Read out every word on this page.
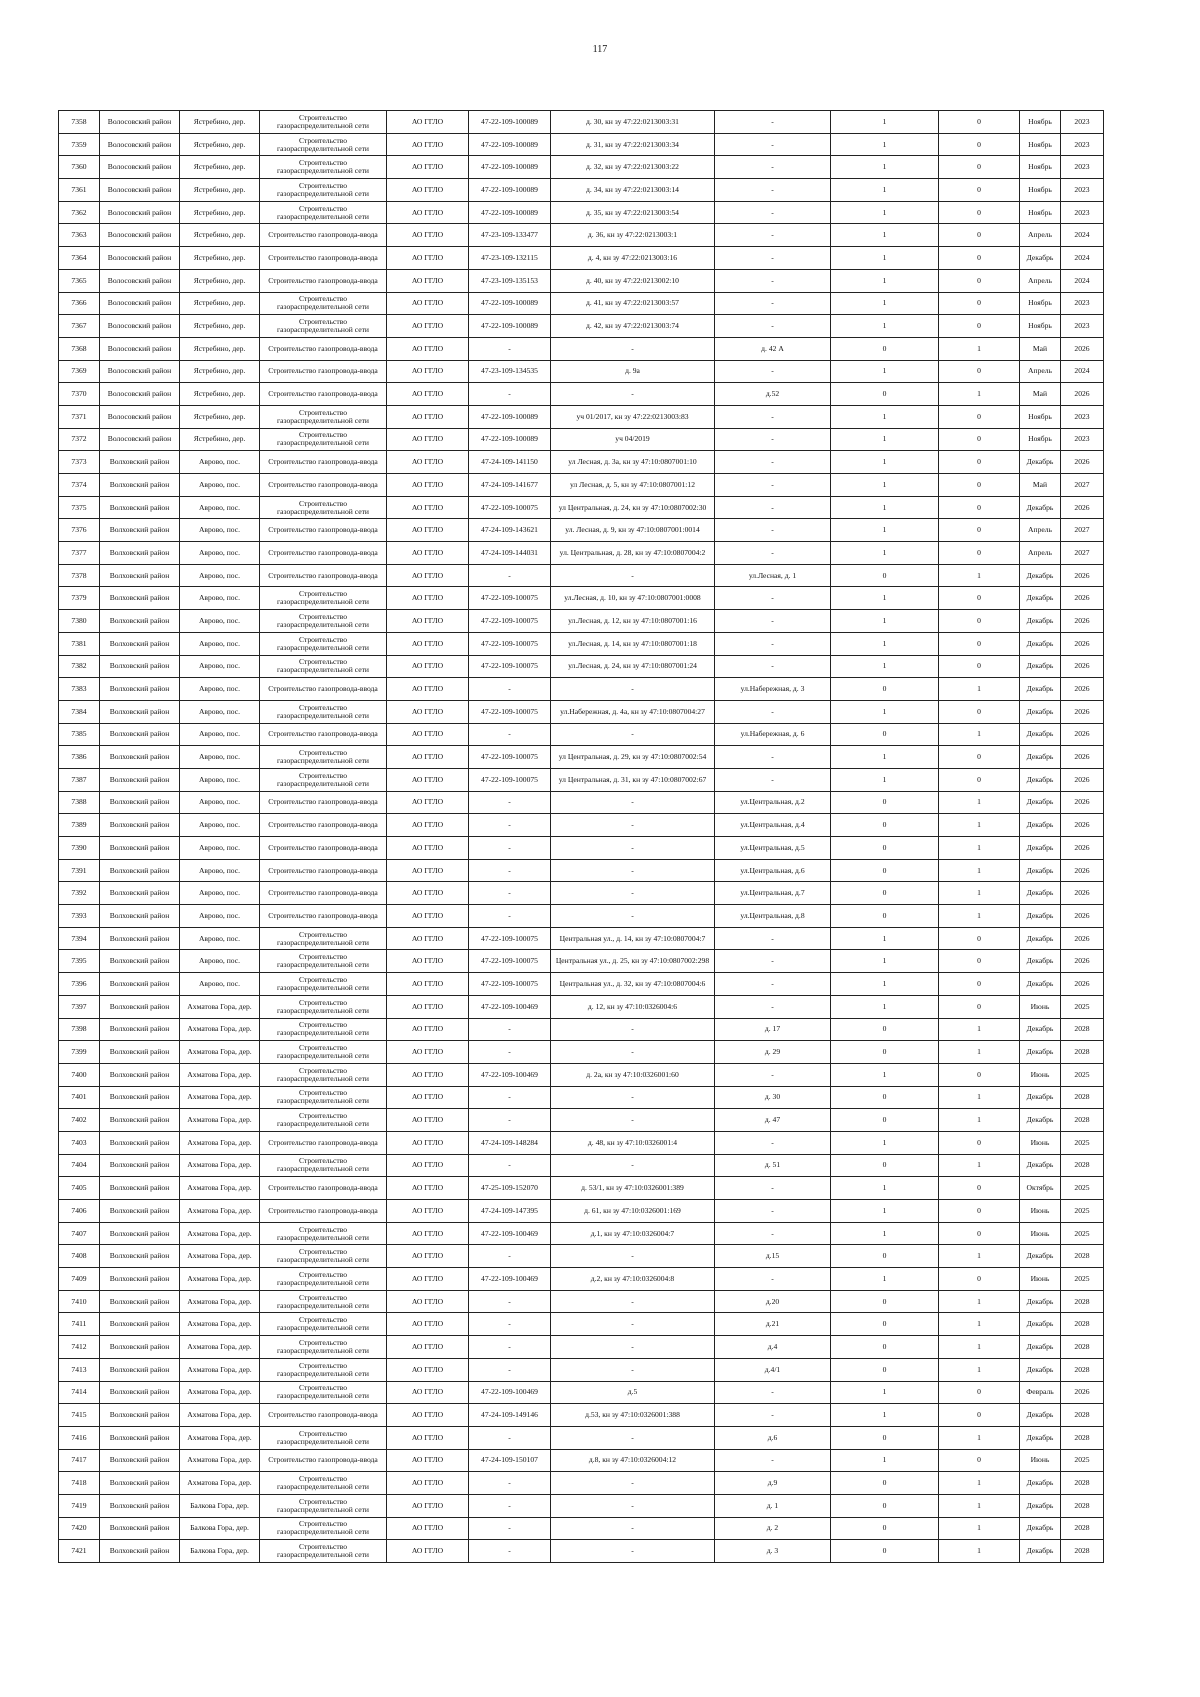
117
7358	Волосовский район	Ястребино, дер.	Строительство газораспределительной сети	АО ГГЛО	47-22-109-100089	д. 30, кн зу 47:22:0213003:31	-	1	0	Ноябрь	2023
7359	Волосовский район	Ястребино, дер.	Строительство газораспределительной сети	АО ГГЛО	47-22-109-100089	д. 31, кн зу 47:22:0213003:34	-	1	0	Ноябрь	2023
7360	Волосовский район	Ястребино, дер.	Строительство газораспределительной сети	АО ГГЛО	47-22-109-100089	д. 32, кн зу 47:22:0213003:22	-	1	0	Ноябрь	2023
7361	Волосовский район	Ястребино, дер.	Строительство газораспределительной сети	АО ГГЛО	47-22-109-100089	д. 34, кн зу 47:22:0213003:14	-	1	0	Ноябрь	2023
7362	Волосовский район	Ястребино, дер.	Строительство газораспределительной сети	АО ГГЛО	47-22-109-100089	д. 35, кн зу 47:22:0213003:54	-	1	0	Ноябрь	2023
7363	Волосовский район	Ястребино, дер.	Строительство газопровода-ввода	АО ГГЛО	47-23-109-133477	д. 36, кн зу 47:22:0213003:1	-	1	0	Апрель	2024
7364	Волосовский район	Ястребино, дер.	Строительство газопровода-ввода	АО ГГЛО	47-23-109-132115	д. 4, кн зу 47:22:0213003:16	-	1	0	Декабрь	2024
7365	Волосовский район	Ястребино, дер.	Строительство газопровода-ввода	АО ГГЛО	47-23-109-135153	д. 40, кн зу 47:22:0213002:10	-	1	0	Апрель	2024
7366	Волосовский район	Ястребино, дер.	Строительство газораспределительной сети	АО ГГЛО	47-22-109-100089	д. 41, кн зу 47:22:0213003:57	-	1	0	Ноябрь	2023
7367	Волосовский район	Ястребино, дер.	Строительство газораспределительной сети	АО ГГЛО	47-22-109-100089	д. 42, кн зу 47:22:0213003:74	-	1	0	Ноябрь	2023
7368	Волосовский район	Ястребино, дер.	Строительство газопровода-ввода	АО ГГЛО	-	-	д. 42 А	0	1	Май	2026
7369	Волосовский район	Ястребино, дер.	Строительство газопровода-ввода	АО ГГЛО	47-23-109-134535	д. 9а	-	1	0	Апрель	2024
7370	Волосовский район	Ястребино, дер.	Строительство газопровода-ввода	АО ГГЛО	-	-	д.52	0	1	Май	2026
7371	Волосовский район	Ястребино, дер.	Строительство газораспределительной сети	АО ГГЛО	47-22-109-100089	уч 01/2017, кн зу 47:22:0213003:83	-	1	0	Ноябрь	2023
7372	Волосовский район	Ястребино, дер.	Строительство газораспределительной сети	АО ГГЛО	47-22-109-100089	уч 04/2019	-	1	0	Ноябрь	2023
7373	Волховский район	Аврово, пос.	Строительство газопровода-ввода	АО ГГЛО	47-24-109-141150	ул Лесная, д. 3а, кн зу 47:10:0807001:10	-	1	0	Декабрь	2026
7374	Волховский район	Аврово, пос.	Строительство газопровода-ввода	АО ГГЛО	47-24-109-141677	ул Лесная, д. 5, кн зу 47:10:0807001:12	-	1	0	Май	2027
7375	Волховский район	Аврово, пос.	Строительство газораспределительной сети	АО ГГЛО	47-22-109-100075	ул Центральная, д. 24, кн зу 47:10:0807002:30	-	1	0	Декабрь	2026
7376	Волховский район	Аврово, пос.	Строительство газопровода-ввода	АО ГГЛО	47-24-109-143621	ул. Лесная, д. 9, кн зу 47:10:0807001:0014	-	1	0	Апрель	2027
7377	Волховский район	Аврово, пос.	Строительство газопровода-ввода	АО ГГЛО	47-24-109-144031	ул. Центральная, д. 28, кн зу 47:10:0807004:2	-	1	0	Апрель	2027
7378	Волховский район	Аврово, пос.	Строительство газопровода-ввода	АО ГГЛО	-	-	ул.Лесная, д. 1	0	1	Декабрь	2026
7379	Волховский район	Аврово, пос.	Строительство газораспределительной сети	АО ГГЛО	47-22-109-100075	ул.Лесная, д. 10, кн зу 47:10:0807001:0008	-	1	0	Декабрь	2026
7380	Волховский район	Аврово, пос.	Строительство газораспределительной сети	АО ГГЛО	47-22-109-100075	ул.Лесная, д. 12, кн зу 47:10:0807001:16	-	1	0	Декабрь	2026
7381	Волховский район	Аврово, пос.	Строительство газораспределительной сети	АО ГГЛО	47-22-109-100075	ул.Лесная, д. 14, кн зу 47:10:0807001:18	-	1	0	Декабрь	2026
7382	Волховский район	Аврово, пос.	Строительство газораспределительной сети	АО ГГЛО	47-22-109-100075	ул.Лесная, д. 24, кн зу 47:10:0807001:24	-	1	0	Декабрь	2026
7383	Волховский район	Аврово, пос.	Строительство газопровода-ввода	АО ГГЛО	-	-	ул.Набережная, д. 3	0	1	Декабрь	2026
7384	Волховский район	Аврово, пос.	Строительство газораспределительной сети	АО ГГЛО	47-22-109-100075	ул.Набережная, д. 4а, кн зу 47:10:0807004:27	-	1	0	Декабрь	2026
7385	Волховский район	Аврово, пос.	Строительство газопровода-ввода	АО ГГЛО	-	-	ул.Набережная, д. 6	0	1	Декабрь	2026
7386	Волховский район	Аврово, пос.	Строительство газораспределительной сети	АО ГГЛО	47-22-109-100075	ул Центральная, д. 29, кн зу 47:10:0807002:54	-	1	0	Декабрь	2026
7387	Волховский район	Аврово, пос.	Строительство газораспределительной сети	АО ГГЛО	47-22-109-100075	ул Центральная, д. 31, кн зу 47:10:0807002:67	-	1	0	Декабрь	2026
7388	Волховский район	Аврово, пос.	Строительство газопровода-ввода	АО ГГЛО	-	-	ул.Центральная, д.2	0	1	Декабрь	2026
7389	Волховский район	Аврово, пос.	Строительство газопровода-ввода	АО ГГЛО	-	-	ул.Центральная, д.4	0	1	Декабрь	2026
7390	Волховский район	Аврово, пос.	Строительство газопровода-ввода	АО ГГЛО	-	-	ул.Центральная, д.5	0	1	Декабрь	2026
7391	Волховский район	Аврово, пос.	Строительство газопровода-ввода	АО ГГЛО	-	-	ул.Центральная, д.6	0	1	Декабрь	2026
7392	Волховский район	Аврово, пос.	Строительство газопровода-ввода	АО ГГЛО	-	-	ул.Центральная, д.7	0	1	Декабрь	2026
7393	Волховский район	Аврово, пос.	Строительство газопровода-ввода	АО ГГЛО	-	-	ул.Центральная, д.8	0	1	Декабрь	2026
7394	Волховский район	Аврово, пос.	Строительство газораспределительной сети	АО ГГЛО	47-22-109-100075	Центральная ул., д. 14, кн зу 47:10:0807004:7	-	1	0	Декабрь	2026
7395	Волховский район	Аврово, пос.	Строительство газораспределительной сети	АО ГГЛО	47-22-109-100075	Центральная ул., д. 25, кн зу 47:10:0807002:298	-	1	0	Декабрь	2026
7396	Волховский район	Аврово, пос.	Строительство газораспределительной сети	АО ГГЛО	47-22-109-100075	Центральная ул., д. 32, кн зу 47:10:0807004:6	-	1	0	Декабрь	2026
7397	Волховский район	Ахматова Гора, дер.	Строительство газораспределительной сети	АО ГГЛО	47-22-109-100469	д. 12, кн зу 47:10:0326004:6	-	1	0	Июнь	2025
7398	Волховский район	Ахматова Гора, дер.	Строительство газораспределительной сети	АО ГГЛО	-	-	д. 17	0	1	Декабрь	2028
7399	Волховский район	Ахматова Гора, дер.	Строительство газораспределительной сети	АО ГГЛО	-	-	д. 29	0	1	Декабрь	2028
7400	Волховский район	Ахматова Гора, дер.	Строительство газораспределительной сети	АО ГГЛО	47-22-109-100469	д. 2а, кн зу 47:10:0326001:60	-	1	0	Июнь	2025
7401	Волховский район	Ахматова Гора, дер.	Строительство газораспределительной сети	АО ГГЛО	-	-	д. 30	0	1	Декабрь	2028
7402	Волховский район	Ахматова Гора, дер.	Строительство газораспределительной сети	АО ГГЛО	-	-	д. 47	0	1	Декабрь	2028
7403	Волховский район	Ахматова Гора, дер.	Строительство газопровода-ввода	АО ГГЛО	47-24-109-148284	д. 48, кн зу 47:10:0326001:4	-	1	0	Июнь	2025
7404	Волховский район	Ахматова Гора, дер.	Строительство газораспределительной сети	АО ГГЛО	-	-	д. 51	0	1	Декабрь	2028
7405	Волховский район	Ахматова Гора, дер.	Строительство газопровода-ввода	АО ГГЛО	47-25-109-152070	д. 53/1, кн зу 47:10:0326001:389	-	1	0	Октябрь	2025
7406	Волховский район	Ахматова Гора, дер.	Строительство газопровода-ввода	АО ГГЛО	47-24-109-147395	д. 61, кн зу 47:10:0326001:169	-	1	0	Июнь	2025
7407	Волховский район	Ахматова Гора, дер.	Строительство газораспределительной сети	АО ГГЛО	47-22-109-100469	д.1, кн зу 47:10:0326004:7	-	1	0	Июнь	2025
7408	Волховский район	Ахматова Гора, дер.	Строительство газораспределительной сети	АО ГГЛО	-	-	д.15	0	1	Декабрь	2028
7409	Волховский район	Ахматова Гора, дер.	Строительство газораспределительной сети	АО ГГЛО	47-22-109-100469	д.2, кн зу 47:10:0326004:8	-	1	0	Июнь	2025
7410	Волховский район	Ахматова Гора, дер.	Строительство газораспределительной сети	АО ГГЛО	-	-	д.20	0	1	Декабрь	2028
7411	Волховский район	Ахматова Гора, дер.	Строительство газораспределительной сети	АО ГГЛО	-	-	д.21	0	1	Декабрь	2028
7412	Волховский район	Ахматова Гора, дер.	Строительство газораспределительной сети	АО ГГЛО	-	-	д.4	0	1	Декабрь	2028
7413	Волховский район	Ахматова Гора, дер.	Строительство газораспределительной сети	АО ГГЛО	-	-	д.4/1	0	1	Декабрь	2028
7414	Волховский район	Ахматова Гора, дер.	Строительство газораспределительной сети	АО ГГЛО	47-22-109-100469	д.5	-	1	0	Февраль	2026
7415	Волховский район	Ахматова Гора, дер.	Строительство газопровода-ввода	АО ГГЛО	47-24-109-149146	д.53, кн зу 47:10:0326001:388	-	1	0	Декабрь	2028
7416	Волховский район	Ахматова Гора, дер.	Строительство газораспределительной сети	АО ГГЛО	-	-	д.6	0	1	Декабрь	2028
7417	Волховский район	Ахматова Гора, дер.	Строительство газопровода-ввода	АО ГГЛО	47-24-109-150107	д.8, кн зу 47:10:0326004:12	-	1	0	Июнь	2025
7418	Волховский район	Ахматова Гора, дер.	Строительство газораспределительной сети	АО ГГЛО	-	-	д.9	0	1	Декабрь	2028
7419	Волховский район	Балкова Гора, дер.	Строительство газораспределительной сети	АО ГГЛО	-	-	д. 1	0	1	Декабрь	2028
7420	Волховский район	Балкова Гора, дер.	Строительство газораспределительной сети	АО ГГЛО	-	-	д. 2	0	1	Декабрь	2028
7421	Волховский район	Балкова Гора, дер.	Строительство газораспределительной сети	АО ГГЛО	-	-	д. 3	0	1	Декабрь	2028
